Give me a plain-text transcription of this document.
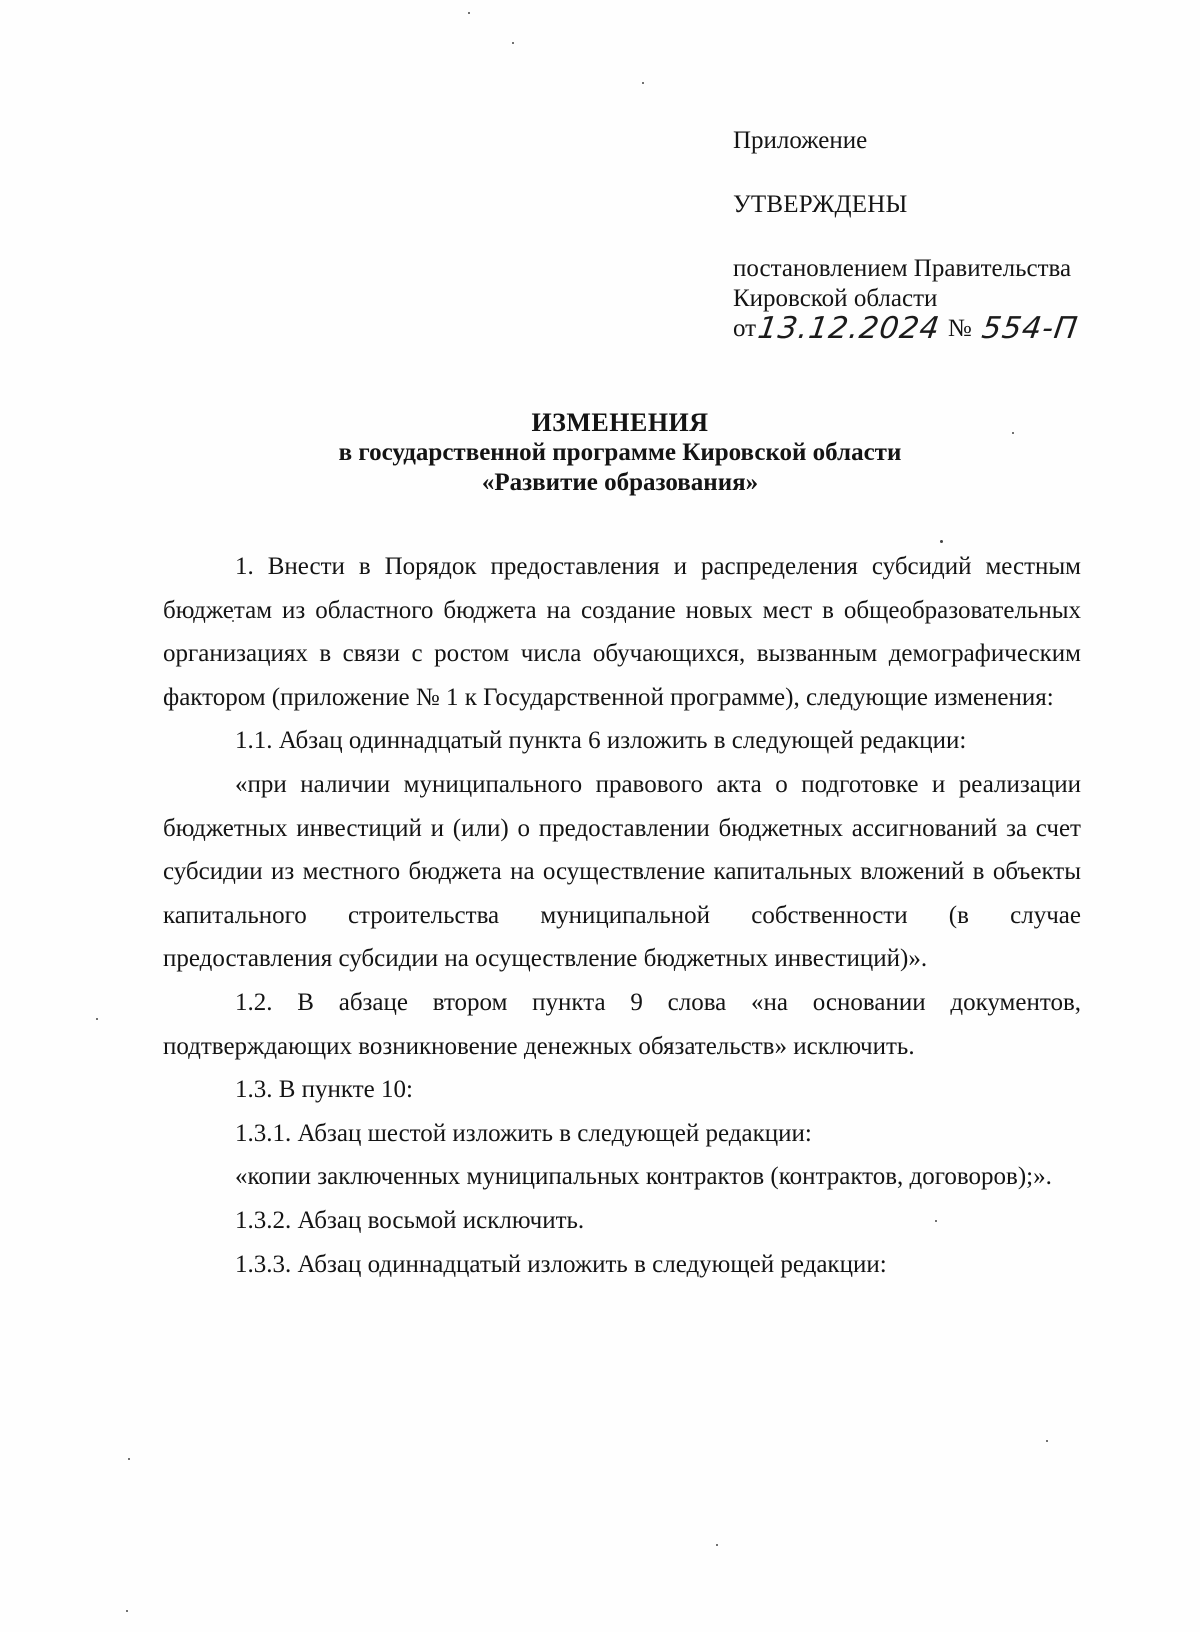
Приложение
УТВЕРЖДЕНЫ
постановлением Правительства
Кировской области
от13.12.2024 № 554-П
ИЗМЕНЕНИЯ
в государственной программе Кировской области
«Развитие образования»

1. Внести в Порядок предоставления и распределения субсидий местным бюджетам из областного бюджета на создание новых мест в общеобразовательных организациях в связи с ростом числа обучающихся, вызванным демографическим фактором (приложение № 1 к Государственной программе), следующие изменения:

1.1. Абзац одиннадцатый пункта 6 изложить в следующей редакции:

«при наличии муниципального правового акта о подготовке и реализации бюджетных инвестиций и (или) о предоставлении бюджетных ассигнований за счет субсидии из местного бюджета на осуществление капитальных вложений в объекты капитального строительства муниципальной собственности (в случае предоставления субсидии на осуществление бюджетных инвестиций)».

1.2. В абзаце втором пункта 9 слова «на основании документов, подтверждающих возникновение денежных обязательств» исключить.

1.3. В пункте 10:

1.3.1. Абзац шестой изложить в следующей редакции:

«копии заключенных муниципальных контрактов (контрактов, договоров);».

1.3.2. Абзац восьмой исключить.

1.3.3. Абзац одиннадцатый изложить в следующей редакции:
